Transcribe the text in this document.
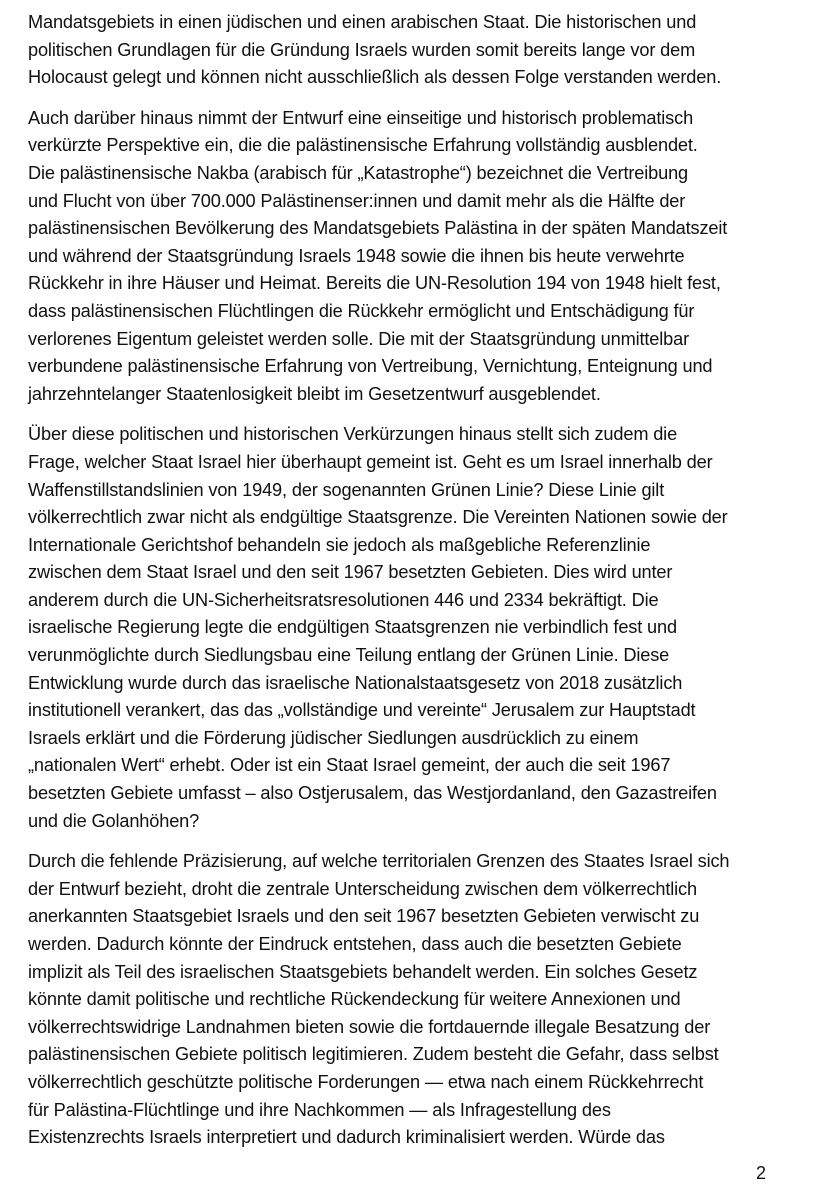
Mandatsgebiets in einen jüdischen und einen arabischen Staat. Die historischen und
politischen Grundlagen für die Gründung Israels wurden somit bereits lange vor dem
Holocaust gelegt und können nicht ausschließlich als dessen Folge verstanden werden.

Auch darüber hinaus nimmt der Entwurf eine einseitige und historisch problematisch
verkürzte Perspektive ein, die die palästinensische Erfahrung vollständig ausblendet.
Die palästinensische Nakba (arabisch für „Katastrophe“) bezeichnet die Vertreibung
und Flucht von über 700.000 Palästinenser:innen und damit mehr als die Hälfte der
palästinensischen Bevölkerung des Mandatsgebiets Palästina in der späten Mandatszeit
und während der Staatsgründung Israels 1948 sowie die ihnen bis heute verwehrte
Rückkehr in ihre Häuser und Heimat. Bereits die UN-Resolution 194 von 1948 hielt fest,
dass palästinensischen Flüchtlingen die Rückkehr ermöglicht und Entschädigung für
verlorenes Eigentum geleistet werden solle. Die mit der Staatsgründung unmittelbar
verbundene palästinensische Erfahrung von Vertreibung, Vernichtung, Enteignung und
jahrzehntelanger Staatenlosigkeit bleibt im Gesetzentwurf ausgeblendet.

Über diese politischen und historischen Verkürzungen hinaus stellt sich zudem die
Frage, welcher Staat Israel hier überhaupt gemeint ist. Geht es um Israel innerhalb der
Waffenstillstandslinien von 1949, der sogenannten Grünen Linie? Diese Linie gilt
völkerrechtlich zwar nicht als endgültige Staatsgrenze. Die Vereinten Nationen sowie der
Internationale Gerichtshof behandeln sie jedoch als maßgebliche Referenzlinie
zwischen dem Staat Israel und den seit 1967 besetzten Gebieten. Dies wird unter
anderem durch die UN-Sicherheitsratsresolutionen 446 und 2334 bekräftigt. Die
israelische Regierung legte die endgültigen Staatsgrenzen nie verbindlich fest und
verunmöglichte durch Siedlungsbau eine Teilung entlang der Grünen Linie. Diese
Entwicklung wurde durch das israelische Nationalstaatsgesetz von 2018 zusätzlich
institutionell verankert, das das „vollständige und vereinte“ Jerusalem zur Hauptstadt
Israels erklärt und die Förderung jüdischer Siedlungen ausdrücklich zu einem
„nationalen Wert“ erhebt. Oder ist ein Staat Israel gemeint, der auch die seit 1967
besetzten Gebiete umfasst – also Ostjerusalem, das Westjordanland, den Gazastreifen
und die Golanhöhen?

Durch die fehlende Präzisierung, auf welche territorialen Grenzen des Staates Israel sich
der Entwurf bezieht, droht die zentrale Unterscheidung zwischen dem völkerrechtlich
anerkannten Staatsgebiet Israels und den seit 1967 besetzten Gebieten verwischt zu
werden. Dadurch könnte der Eindruck entstehen, dass auch die besetzten Gebiete
implizit als Teil des israelischen Staatsgebiets behandelt werden. Ein solches Gesetz
könnte damit politische und rechtliche Rückendeckung für weitere Annexionen und
völkerrechtswidrige Landnahmen bieten sowie die fortdauernde illegale Besatzung der
palästinensischen Gebiete politisch legitimieren. Zudem besteht die Gefahr, dass selbst
völkerrechtlich geschützte politische Forderungen — etwa nach einem Rückkehrrecht
für Palästina-Flüchtlinge und ihre Nachkommen — als Infragestellung des
Existenzrechts Israels interpretiert und dadurch kriminalisiert werden. Würde das

2
